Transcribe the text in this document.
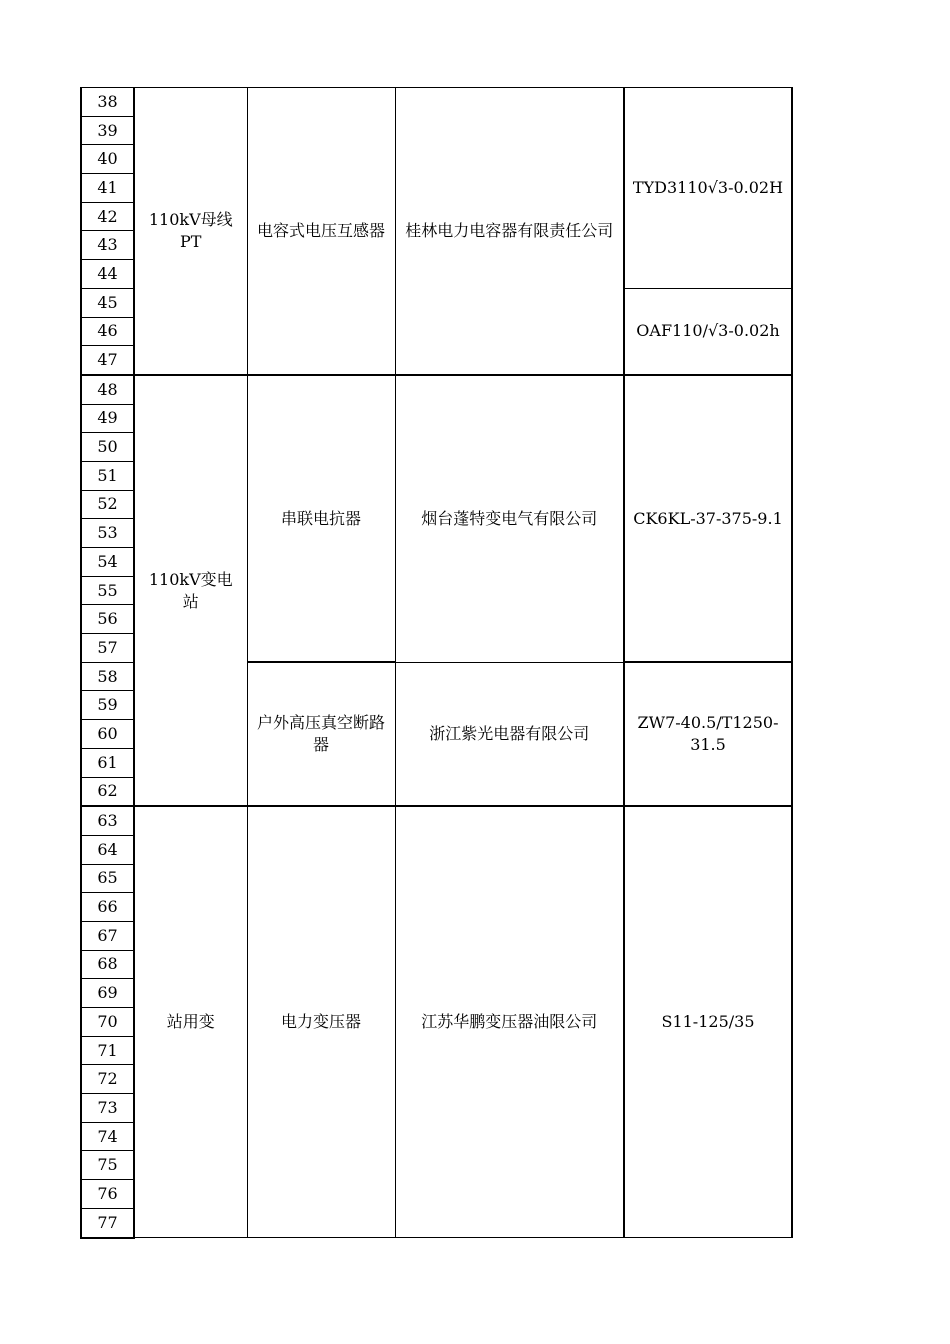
38	110kV母线PT	电容式电压互感器	桂林电力电容器有限责任公司	TYD3110√3-0.02H
39				
40				
41				
42				
43				
44				
45				OAF110/√3-0.02h
46				
47				
48	110kV变电站	串联电抗器	烟台蓬特变电气有限公司	CK6KL-37-375-9.1
49				
50				
51				
52				
53				
54				
55				
56				
57				
58		户外高压真空断路器	浙江紫光电器有限公司	ZW7-40.5/T1250-31.5
59				
60				
61				
62				
63	站用变	电力变压器	江苏华鹏变压器油限公司	S11-125/35
64				
65				
66				
67				
68				
69				
70				
71				
72				
73				
74				
75				
76				
77				
